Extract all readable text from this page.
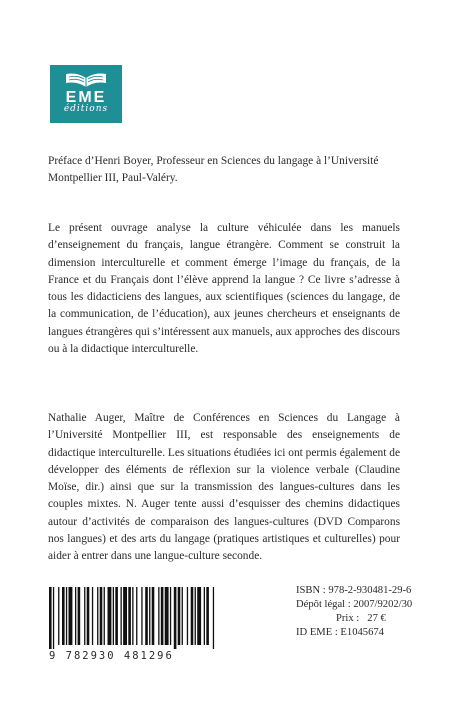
EME
éditions

Préface d’Henri Boyer, Professeur en Sciences du langage à l’Université Montpellier III, Paul-Valéry.

Le présent ouvrage analyse la culture véhiculée dans les manuels d’enseignement du français, langue étrangère. Comment se construit la dimension interculturelle et comment émerge l’image du français, de la France et du Français dont l’élève apprend la langue ? Ce livre s’adresse à tous les didacticiens des langues, aux scientifiques (sciences du langage, de la communication, de l’éducation), aux jeunes chercheurs et enseignants de langues étrangères qui s’intéressent aux manuels, aux approches des discours ou à la didactique interculturelle.

Nathalie Auger, Maître de Conférences en Sciences du Langage à l’Université Montpellier III, est responsable des enseignements de didactique interculturelle. Les situations étudiées ici ont permis également de développer des éléments de réflexion sur la violence verbale (Claudine Moïse, dir.) ainsi que sur la transmission des langues-cultures dans les couples mixtes. N. Auger tente aussi d’esquisser des chemins didactiques autour d’activités de comparaison des langues-cultures (DVD Comparons nos langues) et des arts du langage (pratiques artistiques et culturelles) pour aider à entrer dans une langue-culture seconde.

9 782930 481296
ISBN : 978-2-930481-29-6
Dépôt légal : 2007/9202/30
Prix : 27 €
ID EME : E1045674
